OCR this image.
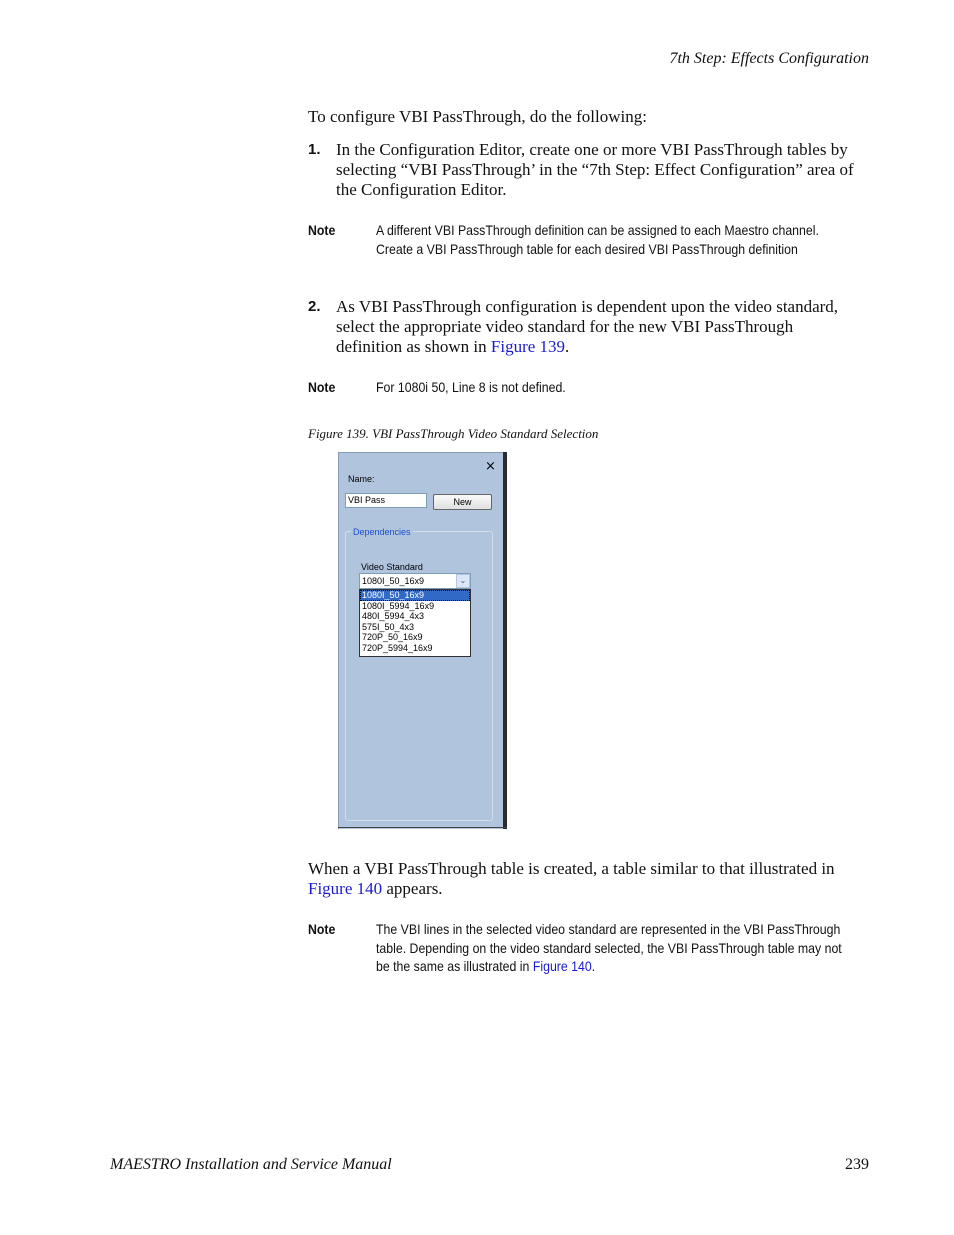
7th Step: Effects Configuration
To configure VBI PassThrough, do the following:
1. In the Configuration Editor, create one or more VBI PassThrough tables by selecting “VBI PassThrough’ in the “7th Step: Effect Configuration” area of the Configuration Editor.
Note	A different VBI PassThrough definition can be assigned to each Maestro channel. Create a VBI PassThrough table for each desired VBI PassThrough definition
2. As VBI PassThrough configuration is dependent upon the video standard, select the appropriate video standard for the new VBI PassThrough definition as shown in Figure 139.
Note	For 1080i 50, Line 8 is not defined.
Figure 139. VBI PassThrough Video Standard Selection
×
Name:
VBI Pass	New
Dependencies
Video Standard
1080I_50_16x9	⌄
1080I_50_16x9
1080I_5994_16x9
480I_5994_4x3
575I_50_4x3
720P_50_16x9
720P_5994_16x9
When a VBI PassThrough table is created, a table similar to that illustrated in Figure 140 appears.
Note	The VBI lines in the selected video standard are represented in the VBI PassThrough table. Depending on the video standard selected, the VBI PassThrough table may not be the same as illustrated in Figure 140.
MAESTRO Installation and Service Manual	239
